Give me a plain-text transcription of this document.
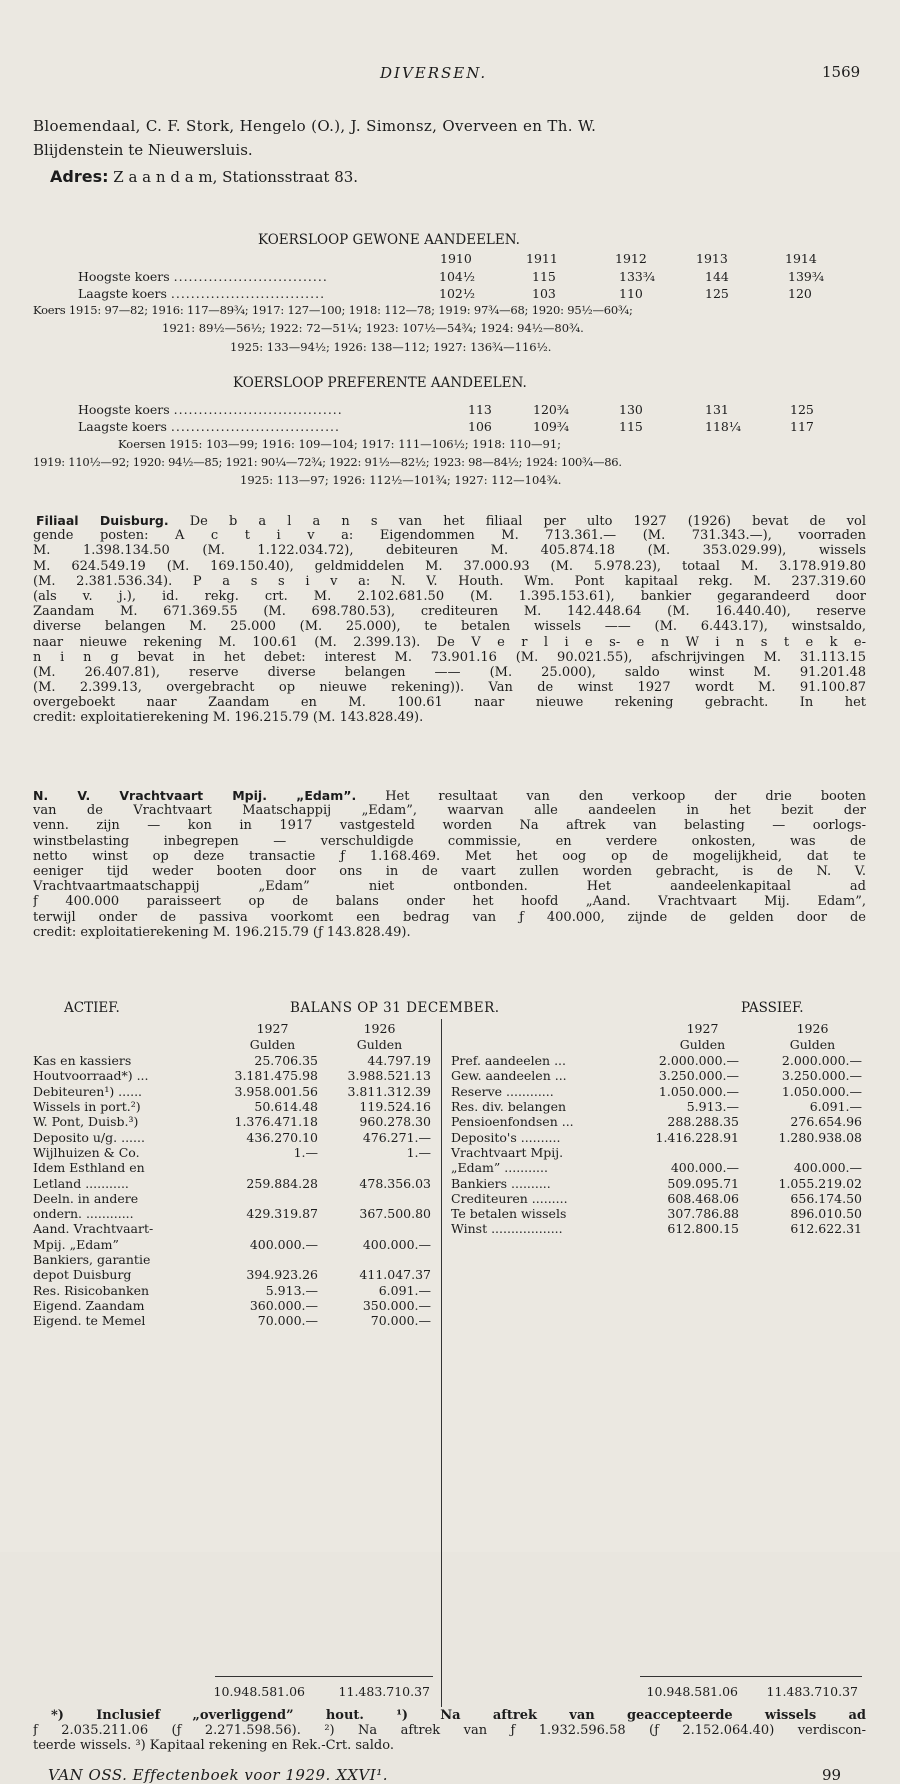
DIVERSEN.	1569
Bloemendaal, C. F. Stork, Hengelo (O.), J. Simonsz, Overveen en Th. W.
Blijdenstein te Nieuwersluis.
Adres: Z a a n d a m, Stationsstraat 83.
KOERSLOOP GEWONE AANDEELEN.
1910	1911	1912	1913	1914
Hoogste koers ...............................	104½	115	133¾	144	139¾
Laagste koers ...............................	102½	103	110	125	120
Koers 1915: 97—82; 1916: 117—89¾; 1917: 127—100; 1918: 112—78; 1919: 97¾—68; 1920: 95½—60¾;
1921: 89½—56½; 1922: 72—51¼; 1923: 107½—54¾; 1924: 94½—80¾.
1925: 133—94½; 1926: 138—112; 1927: 136¾—116½.
KOERSLOOP PREFERENTE AANDEELEN.
Hoogste koers ..................................	113	120¾	130	131	125
Laagste koers ..................................	106	109¾	115	118¼	117
Koersen 1915: 103—99; 1916: 109—104; 1917: 111—106½; 1918: 110—91;
1919: 110½—92; 1920: 94½—85; 1921: 90¼—72¾; 1922: 91½—82½; 1923: 98—84½; 1924: 100¾—86.
1925: 113—97; 1926: 112½—101¾; 1927: 112—104¾.
Filiaal Duisburg. De b a l a n s van het filiaal per ulto 1927 (1926) bevat de vol
gende posten: A c t i v a: Eigendommen M. 713.361.— (M. 731.343.—), voorraden
M. 1.398.134.50 (M. 1.122.034.72), debiteuren M. 405.874.18 (M. 353.029.99), wissels
M. 624.549.19 (M. 169.150.40), geldmiddelen M. 37.000.93 (M. 5.978.23), totaal M. 3.178.919.80
(M. 2.381.536.34). P a s s i v a: N. V. Houth. Wm. Pont kapitaal rekg. M. 237.319.60
(als v. j.), id. rekg. crt. M. 2.102.681.50 (M. 1.395.153.61), bankier gegarandeerd door
Zaandam M. 671.369.55 (M. 698.780.53), crediteuren M. 142.448.64 (M. 16.440.40), reserve
diverse belangen M. 25.000 (M. 25.000), te betalen wissels —— (M. 6.443.17), winstsaldo,
naar nieuwe rekening M. 100.61 (M. 2.399.13). De V e r l i e s- e n W i n s t e k e-
n i n g bevat in het debet: interest M. 73.901.16 (M. 90.021.55), afschrijvingen M. 31.113.15
(M. 26.407.81), reserve diverse belangen —— (M. 25.000), saldo winst M. 91.201.48
(M. 2.399.13, overgebracht op nieuwe rekening)). Van de winst 1927 wordt M. 91.100.87
overgeboekt naar Zaandam en M. 100.61 naar nieuwe rekening gebracht. In het
credit: exploitatierekening M. 196.215.79 (M. 143.828.49).
N. V. Vrachtvaart Mpij. „Edam”. Het resultaat van den verkoop der drie booten
van de Vrachtvaart Maatschappij „Edam”, waarvan alle aandeelen in het bezit der
venn. zijn — kon in 1917 vastgesteld worden Na aftrek van belasting — oorlogs-
winstbelasting inbegrepen — verschuldigde commissie, en verdere onkosten, was de
netto winst op deze transactie ƒ 1.168.469. Met het oog op de mogelijkheid, dat te
eeniger tijd weder booten door ons in de vaart zullen worden gebracht, is de N. V.
Vrachtvaartmaatschappij „Edam” niet ontbonden. Het aandeelenkapitaal ad
ƒ 400.000 paraisseert op de balans onder het hoofd „Aand. Vrachtvaart Mij. Edam”,
terwijl onder de passiva voorkomt een bedrag van ƒ 400.000, zijnde de gelden door de
credit: exploitatierekening M. 196.215.79 (ƒ 143.828.49).
ACTIEF.	BALANS OP 31 DECEMBER.	PASSIEF.
1927	1926
Gulden	Gulden
1927	1926
Gulden	Gulden
Kas en kassiers	25.706.35	44.797.19
Houtvoorraad*) ...	3.181.475.98	3.988.521.13
Debiteuren¹) ......	3.958.001.56	3.811.312.39
Wissels in port.²)	50.614.48	119.524.16
W. Pont, Duisb.³)	1.376.471.18	960.278.30
Deposito u/g. ......	436.270.10	476.271.—
Wijlhuizen & Co.	1.—	1.—
Idem Esthland en		
Letland ...........	259.884.28	478.356.03
Deeln. in andere		
ondern. ............	429.319.87	367.500.80
Aand. Vrachtvaart-		
Mpij. „Edam”	400.000.—	400.000.—
Bankiers, garantie		
depot Duisburg	394.923.26	411.047.37
Res. Risicobanken	5.913.—	6.091.—
Eigend. Zaandam	360.000.—	350.000.—
Eigend. te Memel	70.000.—	70.000.—
Pref. aandeelen ...	2.000.000.—	2.000.000.—
Gew. aandeelen ...	3.250.000.—	3.250.000.—
Reserve ............	1.050.000.—	1.050.000.—
Res. div. belangen	5.913.—	6.091.—
Pensioenfondsen ...	288.288.35	276.654.96
Deposito's ..........	1.416.228.91	1.280.938.08
Vrachtvaart Mpij.		
„Edam” ...........	400.000.—	400.000.—
Bankiers ..........	509.095.71	1.055.219.02
Crediteuren .........	608.468.06	656.174.50
Te betalen wissels	307.786.88	896.010.50
Winst ..................	612.800.15	612.622.31
10.948.581.06	11.483.710.37	10.948.581.06	11.483.710.37
*) Inclusief „overliggend” hout. ¹) Na aftrek van geaccepteerde wissels ad
ƒ 2.035.211.06 (ƒ 2.271.598.56). ²) Na aftrek van ƒ 1.932.596.58 (ƒ 2.152.064.40) verdiscon-
teerde wissels. ³) Kapitaal rekening en Rek.-Crt. saldo.
VAN OSS. Effectenboek voor 1929. XXVI¹.	99
